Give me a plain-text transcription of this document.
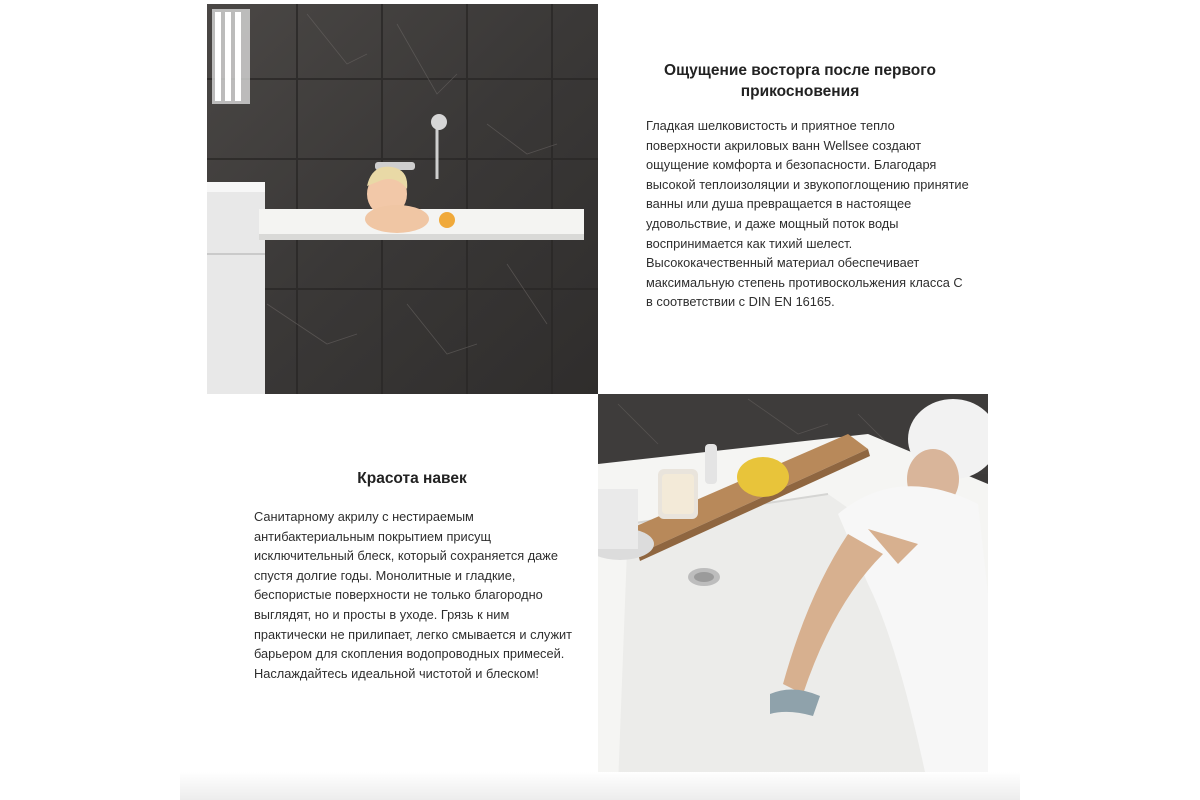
Ощущение восторга после первого прикосновения

Гладкая шелковистость и приятное тепло поверхности акриловых ванн Wellsee создают ощущение комфорта и безопасности. Благодаря высокой теплоизоляции и звукопоглощению принятие ванны или душа превращается в настоящее удовольствие, и даже мощный поток воды воспринимается как тихий шелест. Высококачественный материал обеспечивает максимальную степень противоскольжения класса С в соответствии с DIN EN 16165.

Красота навек

Санитарному акрилу с нестираемым антибактериальным покрытием присущ исключительный блеск, который сохраняется даже спустя долгие годы. Монолитные и гладкие, беспористые поверхности не только благородно выглядят, но и просты в уходе. Грязь к ним практически не прилипает, легко смывается и служит барьером для скопления водопроводных примесей. Наслаждайтесь идеальной чистотой и блеском!
